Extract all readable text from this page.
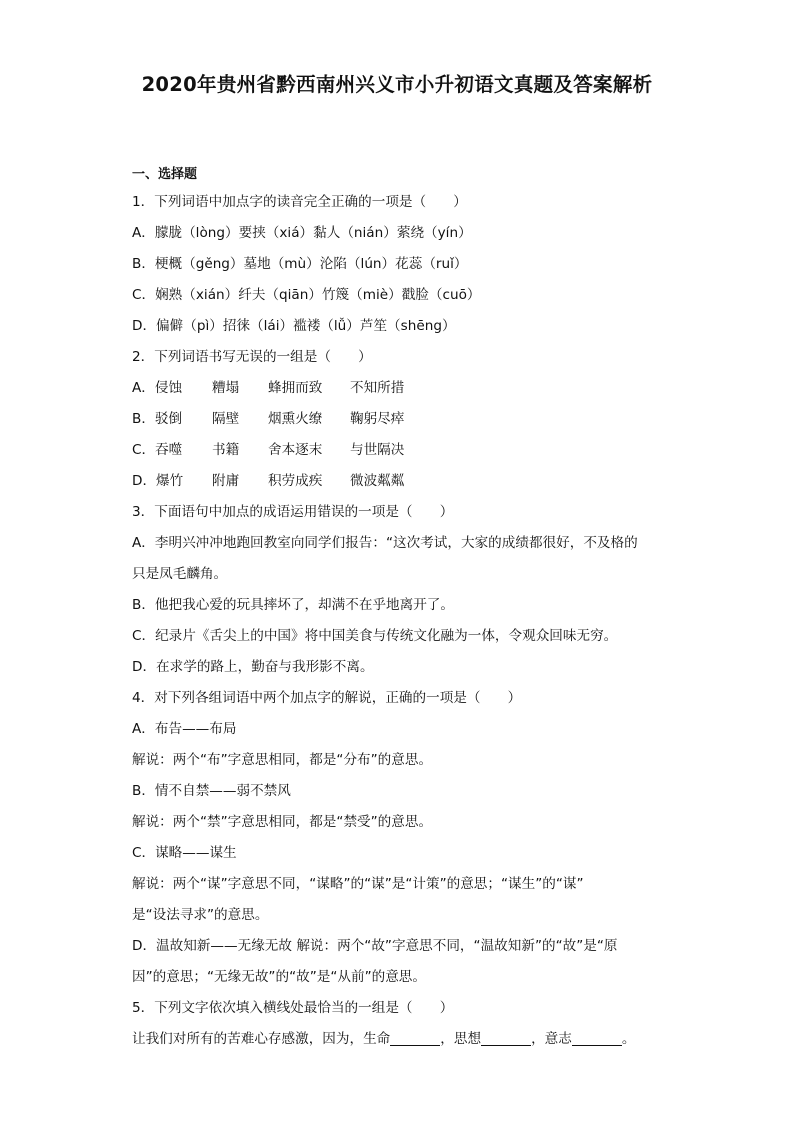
2020年贵州省黔西南州兴义市小升初语文真题及答案解析
一、选择题
1．下列词语中加点字的读音完全正确的一项是（　　）
A．朦胧（lòng）要挟（xiá）黏人（nián）萦绕（yín）
B．梗概（gěng）墓地（mù）沦陷（lún）花蕊（ruǐ）
C．娴熟（xián）纤夫（qiān）竹篾（miè）戳脸（cuō）
D．偏僻（pì）招徕（lái）褴褛（lǚ）芦笙（shēng）
2．下列词语书写无误的一组是（　　）
A．侵蚀	糟塌	蜂拥而致	不知所措
B．驳倒	隔壁	烟熏火缭	鞠躬尽瘁
C．吞噬	书籍	舍本逐末	与世隔决
D．爆竹	附庸	积劳成疾	微波粼粼
3．下面语句中加点的成语运用错误的一项是（　　）
A．李明兴冲冲地跑回教室向同学们报告：“这次考试，大家的成绩都很好，不及格的
只是凤毛麟角。
B．他把我心爱的玩具摔坏了，却满不在乎地离开了。
C．纪录片《舌尖上的中国》将中国美食与传统文化融为一体，令观众回味无穷。
D．在求学的路上，勤奋与我形影不离。
4．对下列各组词语中两个加点字的解说，正确的一项是（　　）
A．布告——布局
解说：两个“布”字意思相同，都是“分布”的意思。
B．情不自禁——弱不禁风
解说：两个“禁”字意思相同，都是“禁受”的意思。
C．谋略——谋生
解说：两个“谋”字意思不同，“谋略”的“谋”是“计策”的意思；“谋生”的“谋”
是“设法寻求”的意思。
D．温故知新——无缘无故 解说：两个“故”字意思不同，“温故知新”的“故”是“原
因”的意思；“无缘无故”的“故”是“从前”的意思。
5．下列文字依次填入横线处最恰当的一组是（　　）
让我们对所有的苦难心存感激，因为，生命	，思想	，意志	。
